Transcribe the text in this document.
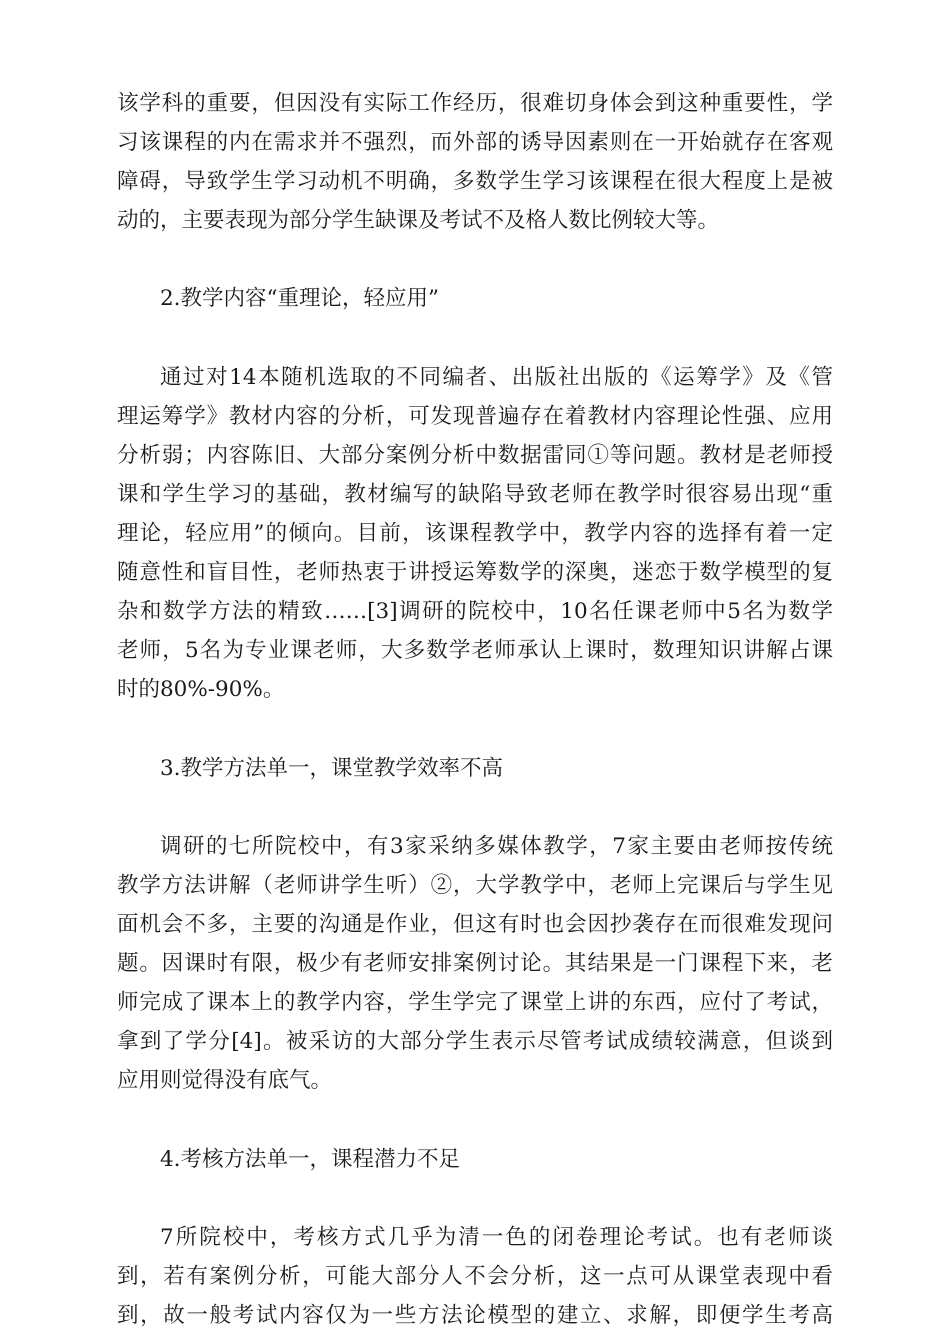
该学科的重要，但因没有实际工作经历，很难切身体会到这种重要性，学
习该课程的内在需求并不强烈，而外部的诱导因素则在一开始就存在客观
障碍，导致学生学习动机不明确，多数学生学习该课程在很大程度上是被
动的，主要表现为部分学生缺课及考试不及格人数比例较大等。
2.教学内容“重理论，轻应用”
通过对14本随机选取的不同编者、出版社出版的《运筹学》及《管
理运筹学》教材内容的分析，可发现普遍存在着教材内容理论性强、应用
分析弱；内容陈旧、大部分案例分析中数据雷同①等问题。教材是老师授
课和学生学习的基础，教材编写的缺陷导致老师在教学时很容易出现“重
理论，轻应用”的倾向。目前，该课程教学中，教学内容的选择有着一定
随意性和盲目性，老师热衷于讲授运筹数学的深奥，迷恋于数学模型的复
杂和数学方法的精致……[3]调研的院校中，10名任课老师中5名为数学
老师，5名为专业课老师，大多数学老师承认上课时，数理知识讲解占课
时的80%-90%。
3.教学方法单一，课堂教学效率不高
调研的七所院校中，有3家采纳多媒体教学，7家主要由老师按传统
教学方法讲解（老师讲学生听）②，大学教学中，老师上完课后与学生见
面机会不多，主要的沟通是作业，但这有时也会因抄袭存在而很难发现问
题。因课时有限，极少有老师安排案例讨论。其结果是一门课程下来，老
师完成了课本上的教学内容，学生学完了课堂上讲的东西，应付了考试，
拿到了学分[4]。被采访的大部分学生表示尽管考试成绩较满意，但谈到
应用则觉得没有底气。
4.考核方法单一，课程潜力不足
7所院校中，考核方式几乎为清一色的闭卷理论考试。也有老师谈
到，若有案例分析，可能大部分人不会分析，这一点可从课堂表现中看
到，故一般考试内容仅为一些方法论模型的建立、求解，即便学生考高
